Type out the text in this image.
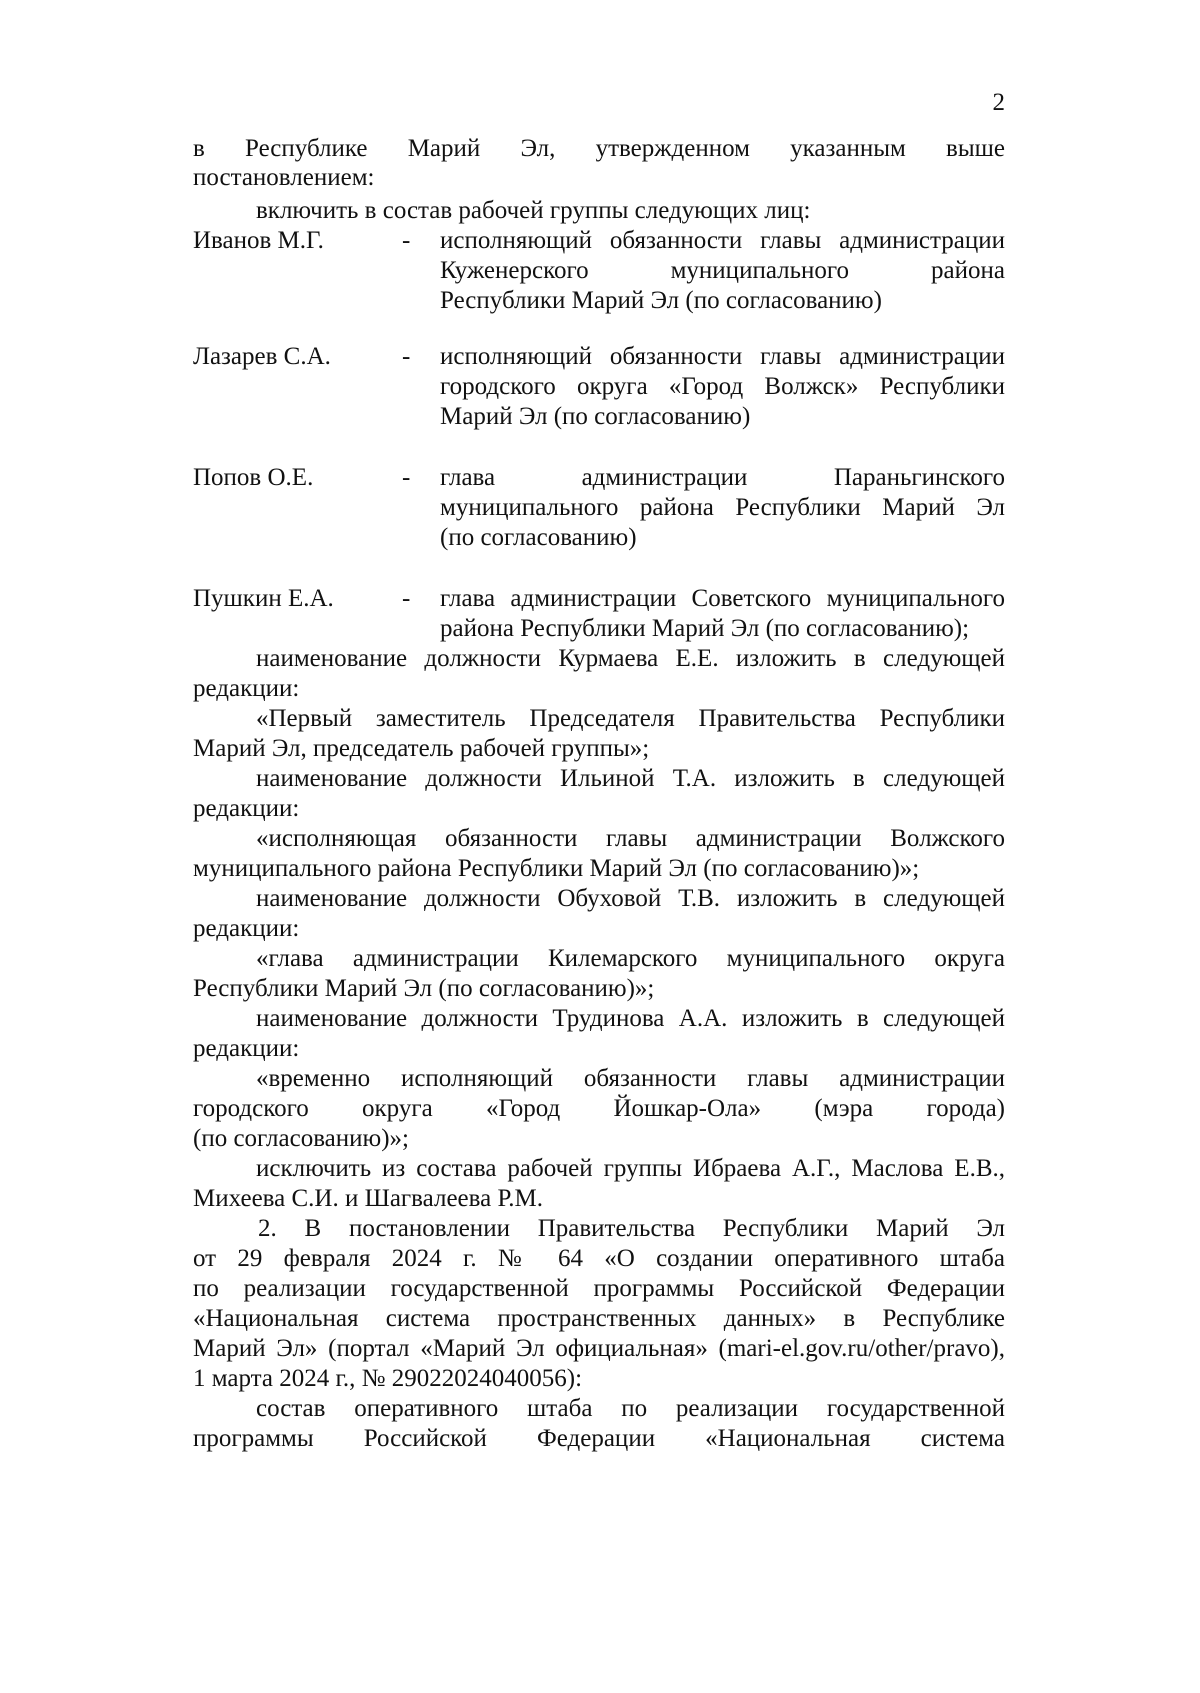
2
в Республике Марий Эл, утвержденном указанным выше
постановлением:
включить в состав рабочей группы следующих лиц:
Иванов М.Г.	- исполняющий обязанности главы администрации
Куженерского муниципального района
Республики Марий Эл (по согласованию)
Лазарев С.А.	- исполняющий обязанности главы администрации
городского округа «Город Волжск» Республики
Марий Эл (по согласованию)
Попов О.Е.	- глава администрации Параньгинского
муниципального района Республики Марий Эл
(по согласованию)
Пушкин Е.А.	- глава администрации Советского муниципального
района Республики Марий Эл (по согласованию);
наименование должности Курмаева Е.Е. изложить в следующей
редакции:
«Первый заместитель Председателя Правительства Республики
Марий Эл, председатель рабочей группы»;
наименование должности Ильиной Т.А. изложить в следующей
редакции:
«исполняющая обязанности главы администрации Волжского
муниципального района Республики Марий Эл (по согласованию)»;
наименование должности Обуховой Т.В. изложить в следующей
редакции:
«глава администрации Килемарского муниципального округа
Республики Марий Эл (по согласованию)»;
наименование должности Трудинова А.А. изложить в следующей
редакции:
«временно исполняющий обязанности главы администрации
городского округа «Город Йошкар-Ола» (мэра города)
(по согласованию)»;
исключить из состава рабочей группы Ибраева А.Г., Маслова Е.В.,
Михеева С.И. и Шагвалеева Р.М.
2. В постановлении Правительства Республики Марий Эл
от 29 февраля 2024 г. № 64 «О создании оперативного штаба
по реализации государственной программы Российской Федерации
«Национальная система пространственных данных» в Республике
Марий Эл» (портал «Марий Эл официальная» (mari-el.gov.ru/other/pravo),
1 марта 2024 г., № 29022024040056):
состав оперативного штаба по реализации государственной
программы Российской Федерации «Национальная система
